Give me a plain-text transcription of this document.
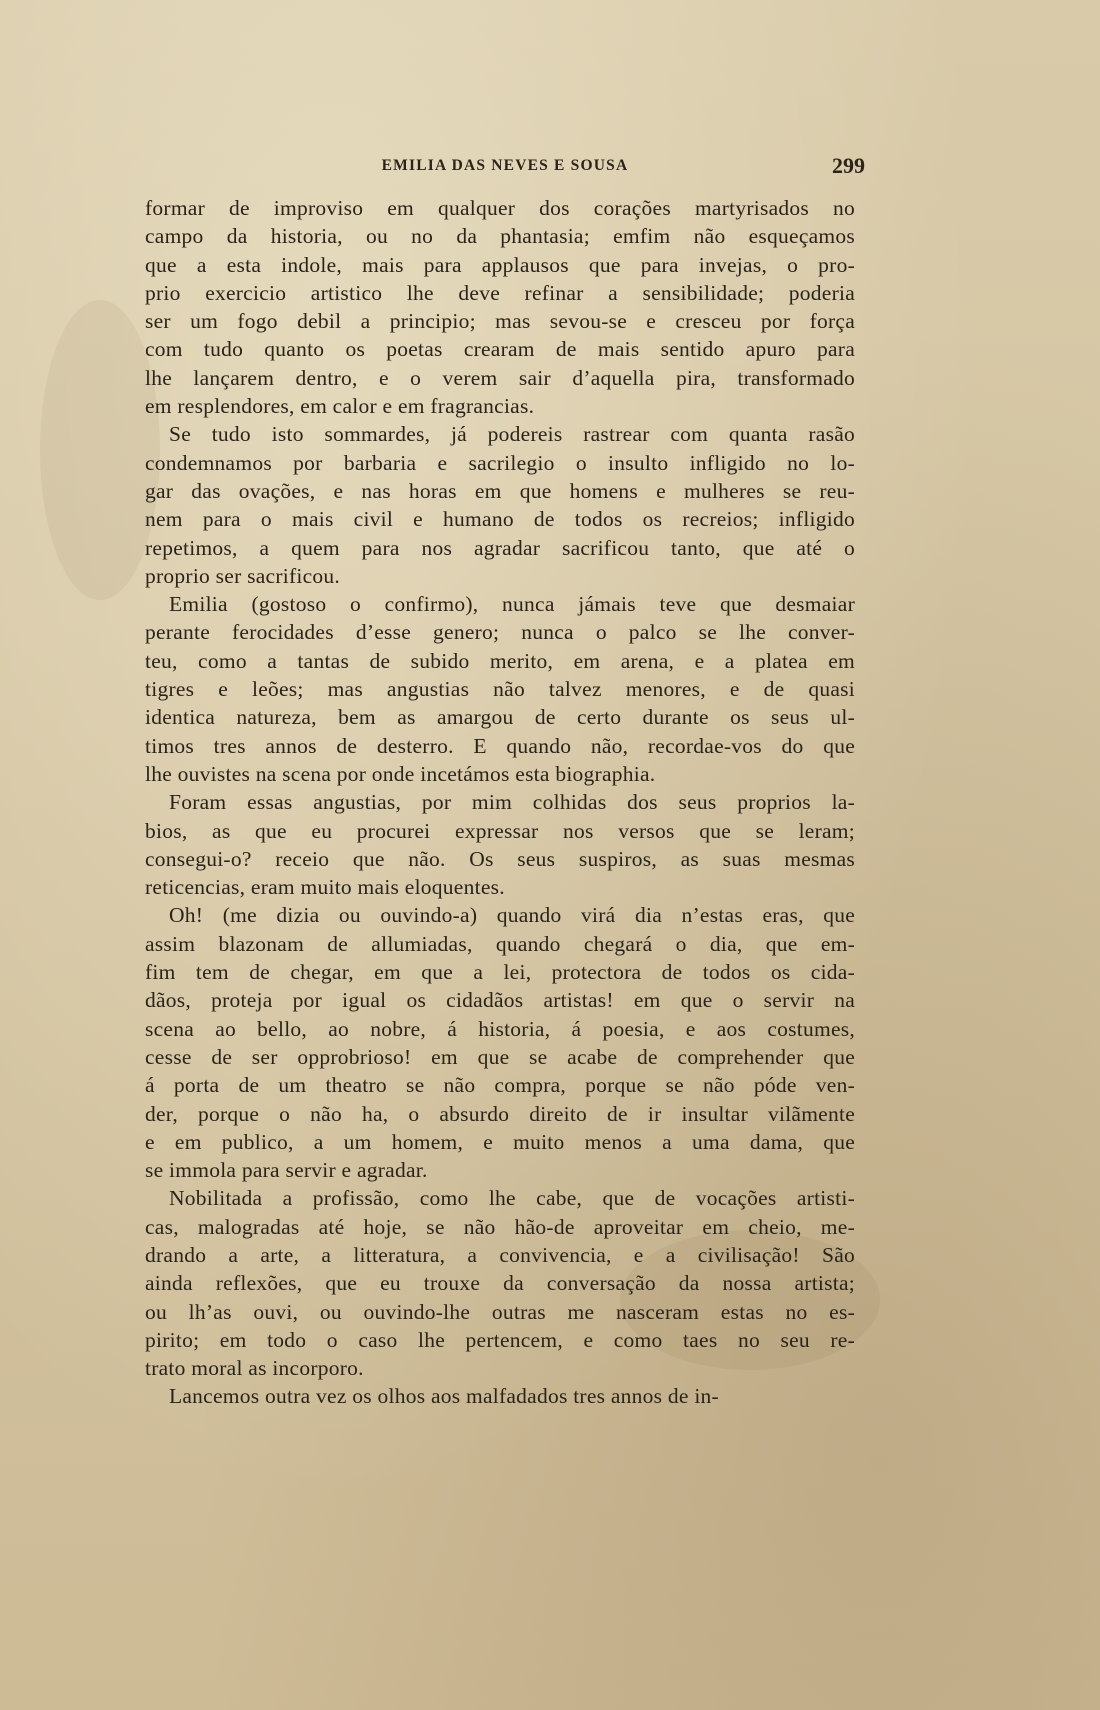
EMILIA DAS NEVES E SOUSA	299
formar de improviso em qualquer dos corações martyrisados no
campo da historia, ou no da phantasia; emfim não esqueçamos
que a esta indole, mais para applausos que para invejas, o pro-
prio exercicio artistico lhe deve refinar a sensibilidade; poderia
ser um fogo debil a principio; mas sevou-se e cresceu por força
com tudo quanto os poetas crearam de mais sentido apuro para
lhe lançarem dentro, e o verem sair d’aquella pira, transformado
em resplendores, em calor e em fragrancias.
Se tudo isto sommardes, já podereis rastrear com quanta rasão
condemnamos por barbaria e sacrilegio o insulto infligido no lo-
gar das ovações, e nas horas em que homens e mulheres se reu-
nem para o mais civil e humano de todos os recreios; infligido
repetimos, a quem para nos agradar sacrificou tanto, que até o
proprio ser sacrificou.
Emilia (gostoso o confirmo), nunca jámais teve que desmaiar
perante ferocidades d’esse genero; nunca o palco se lhe conver-
teu, como a tantas de subido merito, em arena, e a platea em
tigres e leões; mas angustias não talvez menores, e de quasi
identica natureza, bem as amargou de certo durante os seus ul-
timos tres annos de desterro. E quando não, recordae-vos do que
lhe ouvistes na scena por onde incetámos esta biographia.
Foram essas angustias, por mim colhidas dos seus proprios la-
bios, as que eu procurei expressar nos versos que se leram;
consegui-o? receio que não. Os seus suspiros, as suas mesmas
reticencias, eram muito mais eloquentes.
Oh! (me dizia ou ouvindo-a) quando virá dia n’estas eras, que
assim blazonam de allumiadas, quando chegará o dia, que em-
fim tem de chegar, em que a lei, protectora de todos os cida-
dãos, proteja por igual os cidadãos artistas! em que o servir na
scena ao bello, ao nobre, á historia, á poesia, e aos costumes,
cesse de ser opprobrioso! em que se acabe de comprehender que
á porta de um theatro se não compra, porque se não póde ven-
der, porque o não ha, o absurdo direito de ir insultar vilãmente
e em publico, a um homem, e muito menos a uma dama, que
se immola para servir e agradar.
Nobilitada a profissão, como lhe cabe, que de vocações artisti-
cas, malogradas até hoje, se não hão-de aproveitar em cheio, me-
drando a arte, a litteratura, a convivencia, e a civilisação! São
ainda reflexões, que eu trouxe da conversação da nossa artista;
ou lh’as ouvi, ou ouvindo-lhe outras me nasceram estas no es-
pirito; em todo o caso lhe pertencem, e como taes no seu re-
trato moral as incorporo.
Lancemos outra vez os olhos aos malfadados tres annos de in-
